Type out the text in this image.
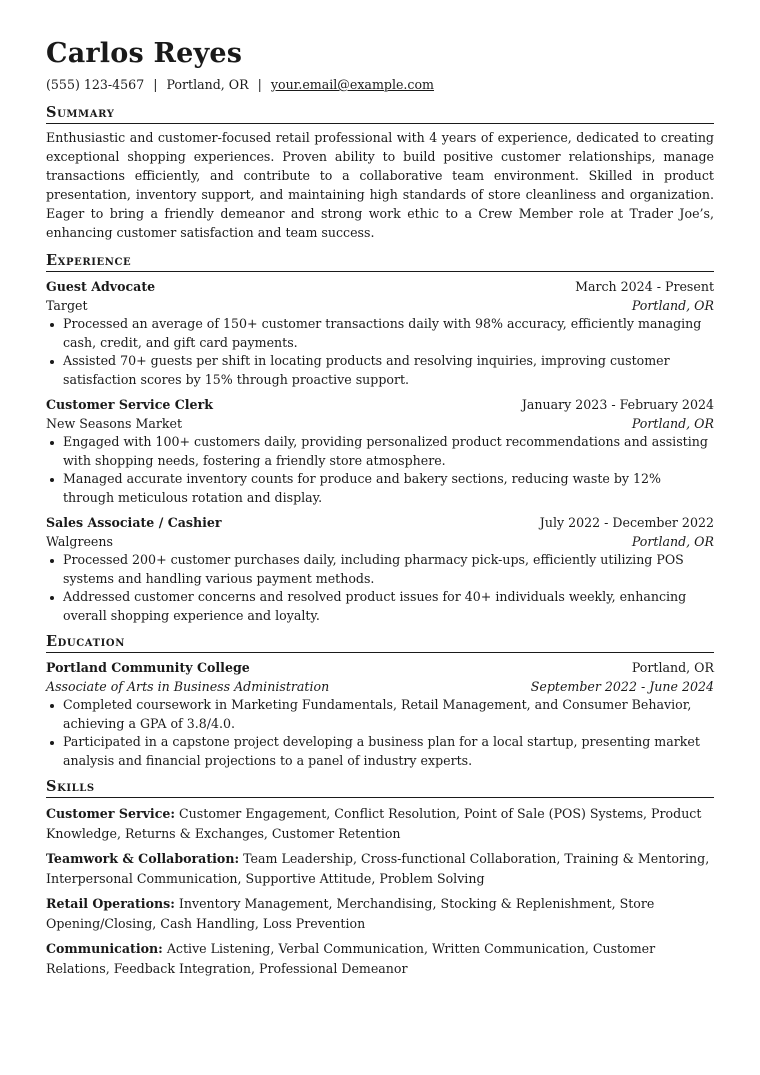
Carlos Reyes
(555) 123-4567 | Portland, OR | your.email@example.com
Summary
Enthusiastic and customer-focused retail professional with 4 years of experience, dedicated to creating exceptional shopping experiences. Proven ability to build positive customer relationships, manage transactions efficiently, and contribute to a collaborative team environment. Skilled in product presentation, inventory support, and maintaining high standards of store cleanliness and organization. Eager to bring a friendly demeanor and strong work ethic to a Crew Member role at Trader Joe’s, enhancing customer satisfaction and team success.
Experience
Guest Advocate	March 2024 - Present
Target	Portland, OR
Processed an average of 150+ customer transactions daily with 98% accuracy, efficiently managing cash, credit, and gift card payments.
Assisted 70+ guests per shift in locating products and resolving inquiries, improving customer satisfaction scores by 15% through proactive support.
Customer Service Clerk	January 2023 - February 2024
New Seasons Market	Portland, OR
Engaged with 100+ customers daily, providing personalized product recommendations and assisting with shopping needs, fostering a friendly store atmosphere.
Managed accurate inventory counts for produce and bakery sections, reducing waste by 12% through meticulous rotation and display.
Sales Associate / Cashier	July 2022 - December 2022
Walgreens	Portland, OR
Processed 200+ customer purchases daily, including pharmacy pick-ups, efficiently utilizing POS systems and handling various payment methods.
Addressed customer concerns and resolved product issues for 40+ individuals weekly, enhancing overall shopping experience and loyalty.
Education
Portland Community College	Portland, OR
Associate of Arts in Business Administration	September 2022 - June 2024
Completed coursework in Marketing Fundamentals, Retail Management, and Consumer Behavior, achieving a GPA of 3.8/4.0.
Participated in a capstone project developing a business plan for a local startup, presenting market analysis and financial projections to a panel of industry experts.
Skills
Customer Service: Customer Engagement, Conflict Resolution, Point of Sale (POS) Systems, Product Knowledge, Returns & Exchanges, Customer Retention
Teamwork & Collaboration: Team Leadership, Cross-functional Collaboration, Training & Mentoring, Interpersonal Communication, Supportive Attitude, Problem Solving
Retail Operations: Inventory Management, Merchandising, Stocking & Replenishment, Store Opening/Closing, Cash Handling, Loss Prevention
Communication: Active Listening, Verbal Communication, Written Communication, Customer Relations, Feedback Integration, Professional Demeanor
